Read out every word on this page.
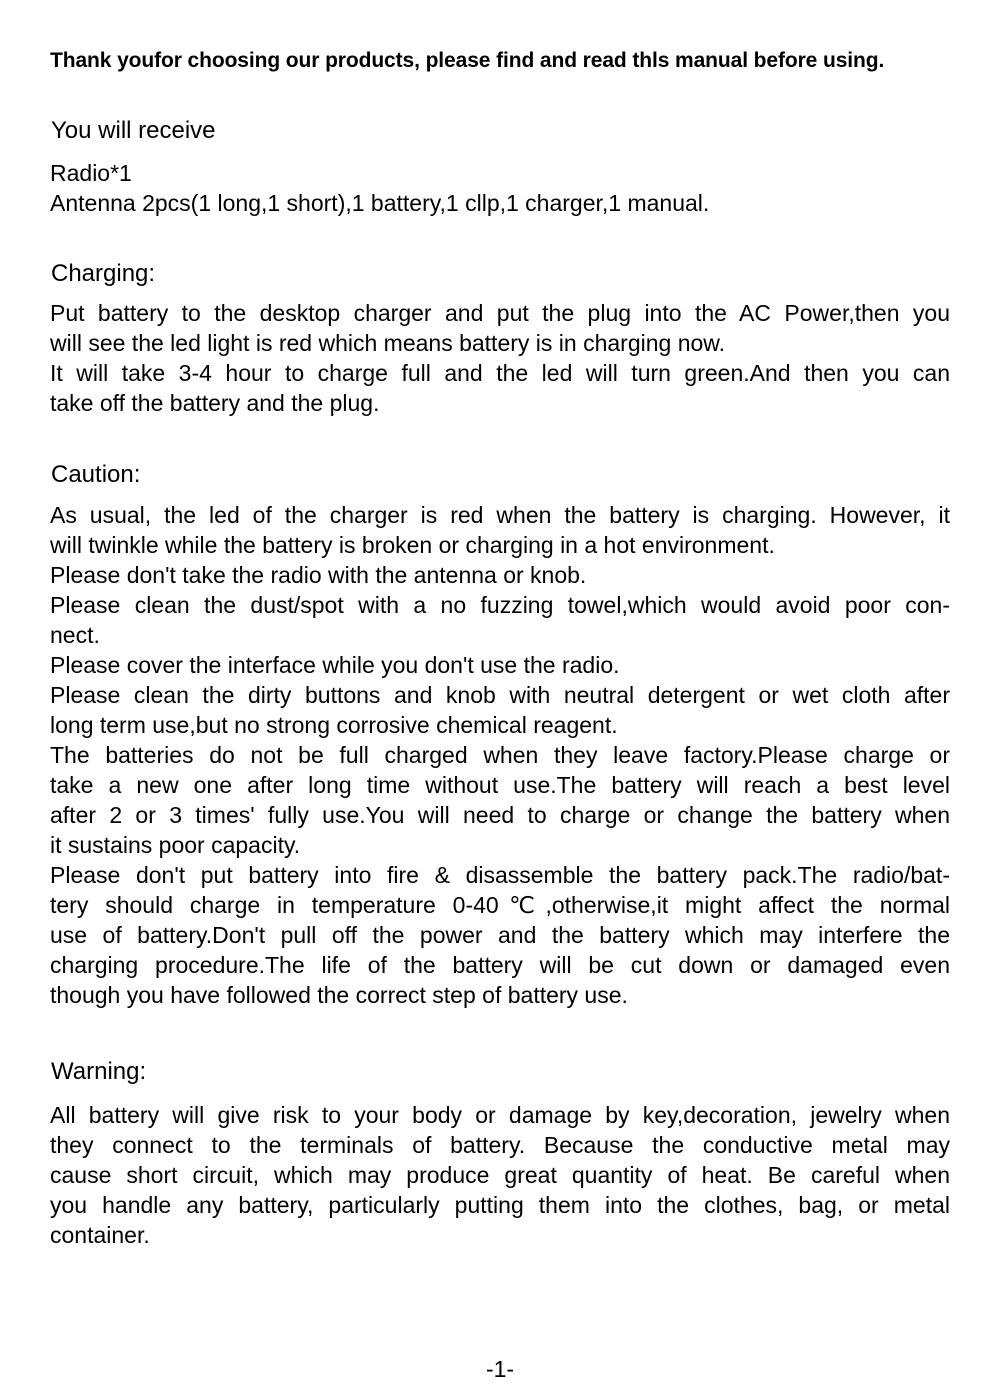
Thank youfor choosing our products, please find and read thls manual before using.
You will receive
Radio*1
Antenna 2pcs(1 long,1 short),1 battery,1 cllp,1 charger,1 manual.
Charging:
Put battery to the desktop charger and put the plug into the AC Power,then you
will see the led light is red which means battery is in charging now.
It will take 3-4 hour to charge full and the led will turn green.And then you can
take off the battery and the plug.
Caution:
As usual, the led of the charger is red when the battery is charging. However, it
will twinkle while the battery is broken or charging in a hot environment.
Please don't take the radio with the antenna or knob.
Please clean the dust/spot with a no fuzzing towel,which would avoid poor con-
nect.
Please cover the interface while you don't use the radio.
Please clean the dirty buttons and knob with neutral detergent or wet cloth after
long term use,but no strong corrosive chemical reagent.
The batteries do not be full charged when they leave factory.Please charge or
take a new one after long time without use.The battery will reach a best level
after 2 or 3 times' fully use.You will need to charge or change the battery when
it sustains poor capacity.
Please don't put battery into fire & disassemble the battery pack.The radio/bat-
tery should charge in temperature 0-40℃,otherwise,it might affect the normal
use of battery.Don't pull off the power and the battery which may interfere the
charging procedure.The life of the battery will be cut down or damaged even
though you have followed the correct step of battery use.
Warning:
All battery will give risk to your body or damage by key,decoration, jewelry when
they connect to the terminals of battery. Because the conductive metal may
cause short circuit, which may produce great quantity of heat. Be careful when
you handle any battery, particularly putting them into the clothes, bag, or metal
container.
-1-
